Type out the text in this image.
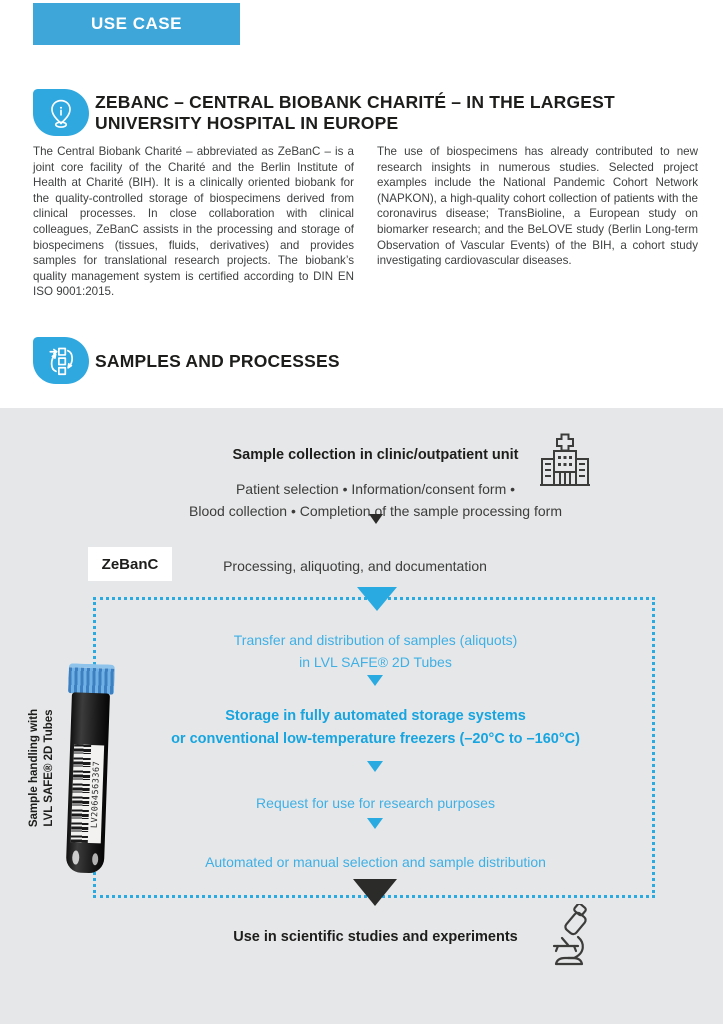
USE CASE
ZEBANC – CENTRAL BIOBANK CHARITÉ – IN THE LARGEST
UNIVERSITY HOSPITAL IN EUROPE

The Central Biobank Charité – abbreviated as ZeBanC – is a joint core facility of the Charité and the Berlin Institute of Health at Charité (BIH). It is a clinically oriented biobank for the quality-controlled storage of biospecimens derived from clinical processes. In close collaboration with clinical colleagues, ZeBanC assists in the processing and storage of biospecimens (tissues, fluids, derivatives) and provides samples for translational research projects. The biobank’s quality management system is certified according to DIN EN ISO 9001:2015.

The use of biospecimens has already contributed to new research insights in numerous studies. Selected project examples include the National Pandemic Cohort Network (NAPKON), a high-quality cohort collection of patients with the coronavirus disease; TransBioline, a European study on biomarker research; and the BeLOVE study (Berlin Long-term Observation of Vascular Events) of the BIH, a cohort study investigating cardiovascular diseases.

SAMPLES AND PROCESSES
Sample collection in clinic/outpatient unit
Patient selection • Information/consent form •
Blood collection • Completion of the sample processing form
ZeBanC	Processing, aliquoting, and documentation
Transfer and distribution of samples (aliquots)
in LVL SAFE® 2D Tubes
Storage in fully automated storage systems
or conventional low-temperature freezers (–20°C to –160°C)
Request for use for research purposes
Automated or manual selection and sample distribution
Use in scientific studies and experiments
LV2064563367
Sample handling with LVL SAFE® 2D Tubes
